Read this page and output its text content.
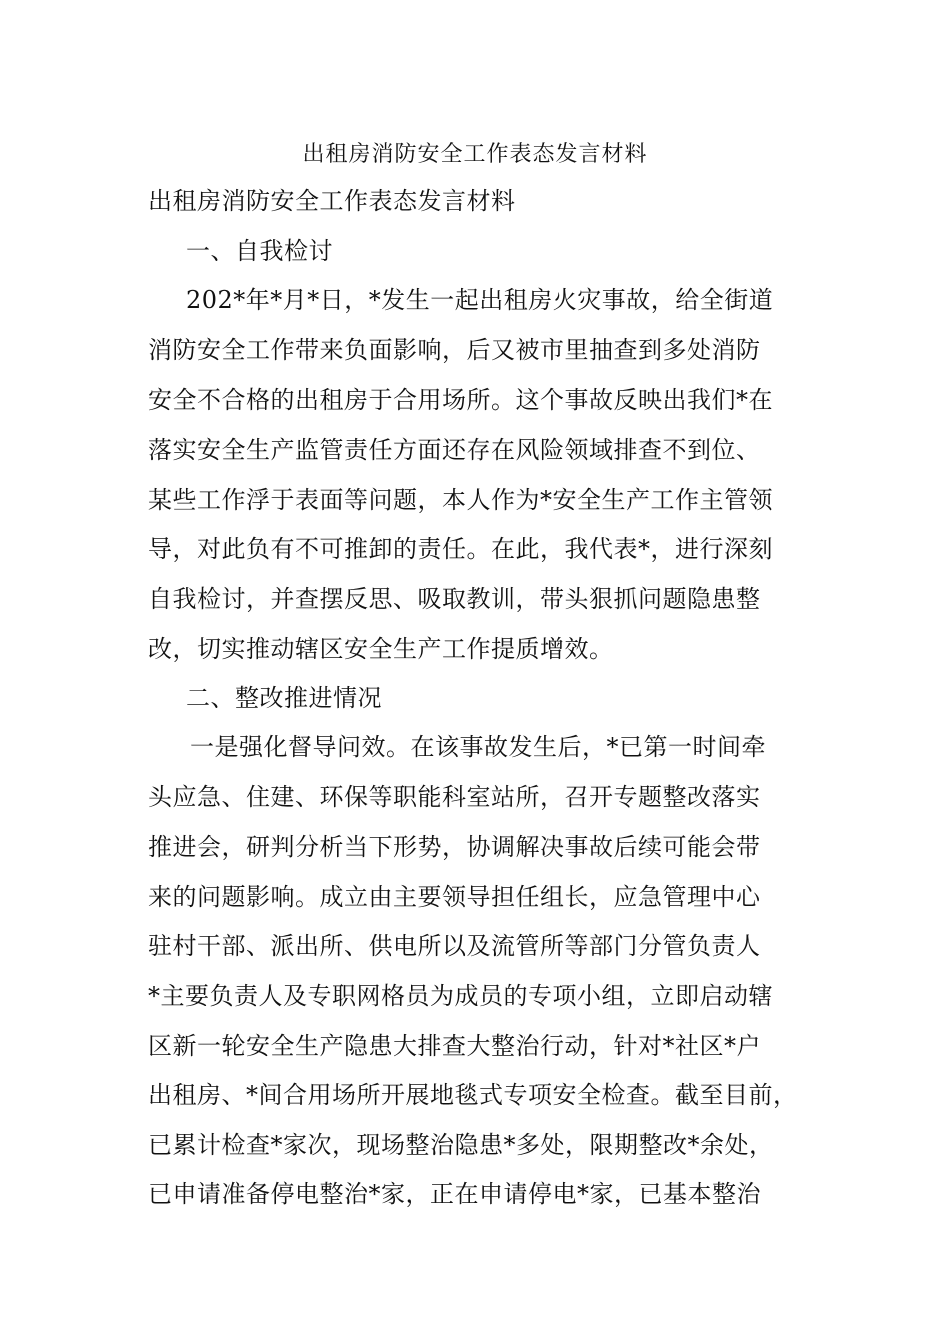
出租房消防安全工作表态发言材料
出租房消防安全工作表态发言材料
一、自我检讨
202*年*月*日，*发生一起出租房火灾事故，给全街道
消防安全工作带来负面影响，后又被市里抽查到多处消防
安全不合格的出租房于合用场所。这个事故反映出我们*在
落实安全生产监管责任方面还存在风险领域排查不到位、
某些工作浮于表面等问题，本人作为*安全生产工作主管领
导，对此负有不可推卸的责任。在此，我代表*，进行深刻
自我检讨，并查摆反思、吸取教训，带头狠抓问题隐患整
改，切实推动辖区安全生产工作提质增效。
二、整改推进情况
一是强化督导问效。在该事故发生后，*已第一时间牵
头应急、住建、环保等职能科室站所，召开专题整改落实
推进会，研判分析当下形势，协调解决事故后续可能会带
来的问题影响。成立由主要领导担任组长，应急管理中心
驻村干部、派出所、供电所以及流管所等部门分管负责人
*主要负责人及专职网格员为成员的专项小组，立即启动辖
区新一轮安全生产隐患大排查大整治行动，针对*社区*户
出租房、*间合用场所开展地毯式专项安全检查。截至目前，
已累计检查*家次，现场整治隐患*多处，限期整改*余处，
已申请准备停电整治*家，正在申请停电*家，已基本整治
